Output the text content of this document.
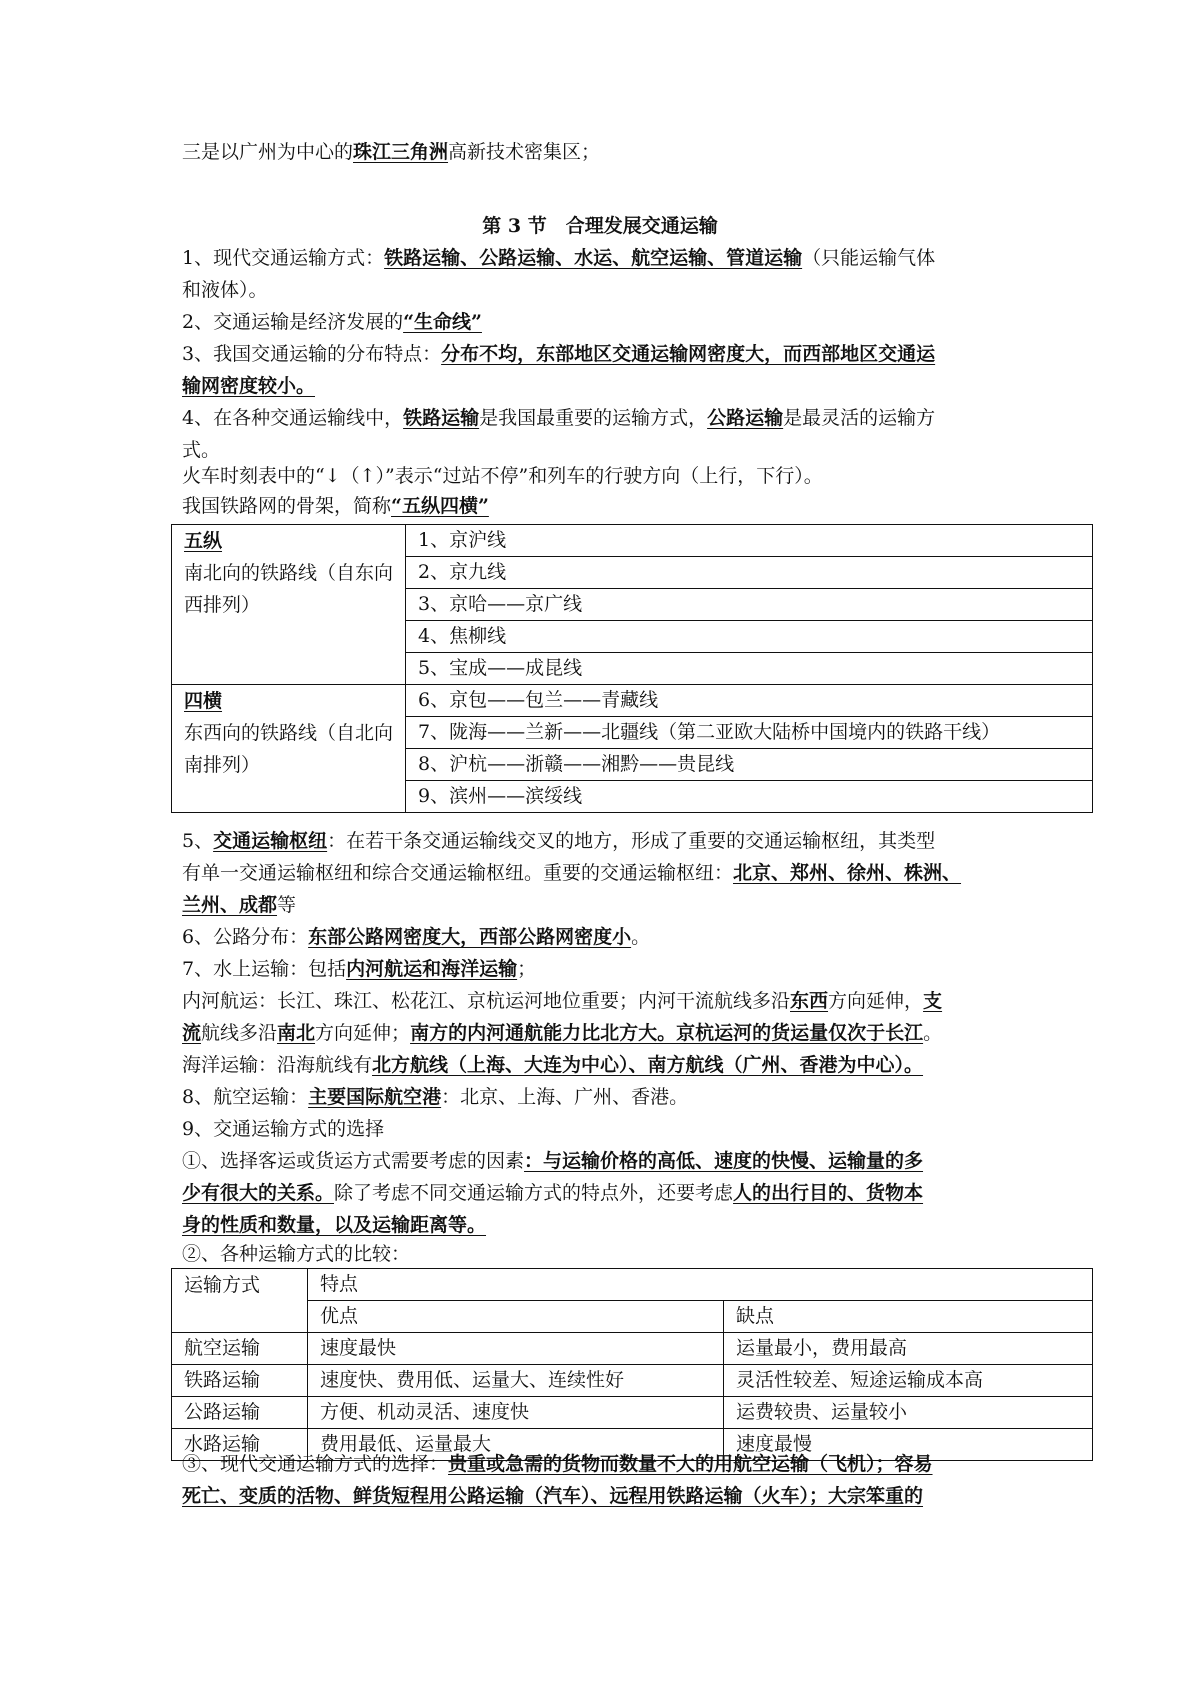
三是以广州为中心的珠江三角洲高新技术密集区；
第 3 节　合理发展交通运输
1、现代交通运输方式：铁路运输、公路运输、水运、航空运输、管道运输（只能运输气体
和液体）。
2、交通运输是经济发展的“生命线”
3、我国交通运输的分布特点：分布不均，东部地区交通运输网密度大，而西部地区交通运
输网密度较小。
4、在各种交通运输线中，铁路运输是我国最重要的运输方式，公路运输是最灵活的运输方
式。
火车时刻表中的“↓（↑）”表示“过站不停”和列车的行驶方向（上行，下行）。
我国铁路网的骨架，简称“五纵四横”
五纵
南北向的铁路线（自东向
西排列）	1、京沪线
	2、京九线
	3、京哈——京广线
	4、焦柳线
	5、宝成——成昆线

四横
东西向的铁路线（自北向
南排列）	6、京包——包兰——青藏线
	7、陇海——兰新——北疆线（第二亚欧大陆桥中国境内的铁路干线）
	8、沪杭——浙赣——湘黔——贵昆线
	9、滨州——滨绥线
5、交通运输枢纽：在若干条交通运输线交叉的地方，形成了重要的交通运输枢纽，其类型
有单一交通运输枢纽和综合交通运输枢纽。重要的交通运输枢纽：北京、郑州、徐州、株洲、
兰州、成都等
6、公路分布：东部公路网密度大，西部公路网密度小。
7、水上运输：包括内河航运和海洋运输；
内河航运：长江、珠江、松花江、京杭运河地位重要；内河干流航线多沿东西方向延伸，支
流航线多沿南北方向延伸；南方的内河通航能力比北方大。京杭运河的货运量仅次于长江。
海洋运输：沿海航线有北方航线（上海、大连为中心）、南方航线（广州、香港为中心）。
8、航空运输：主要国际航空港：北京、上海、广州、香港。
9、交通运输方式的选择
①、选择客运或货运方式需要考虑的因素：与运输价格的高低、速度的快慢、运输量的多
少有很大的关系。除了考虑不同交通运输方式的特点外，还要考虑人的出行目的、货物本
身的性质和数量，以及运输距离等。
②、各种运输方式的比较：
运输方式	特点	
	优点	缺点
航空运输	速度最快	运量最小，费用最高
铁路运输	速度快、费用低、运量大、连续性好	灵活性较差、短途运输成本高
公路运输	方便、机动灵活、速度快	运费较贵、运量较小
水路运输	费用最低、运量最大	速度最慢
③、现代交通运输方式的选择：贵重或急需的货物而数量不大的用航空运输（飞机）；容易
死亡、变质的活物、鲜货短程用公路运输（汽车）、远程用铁路运输（火车）；大宗笨重的
